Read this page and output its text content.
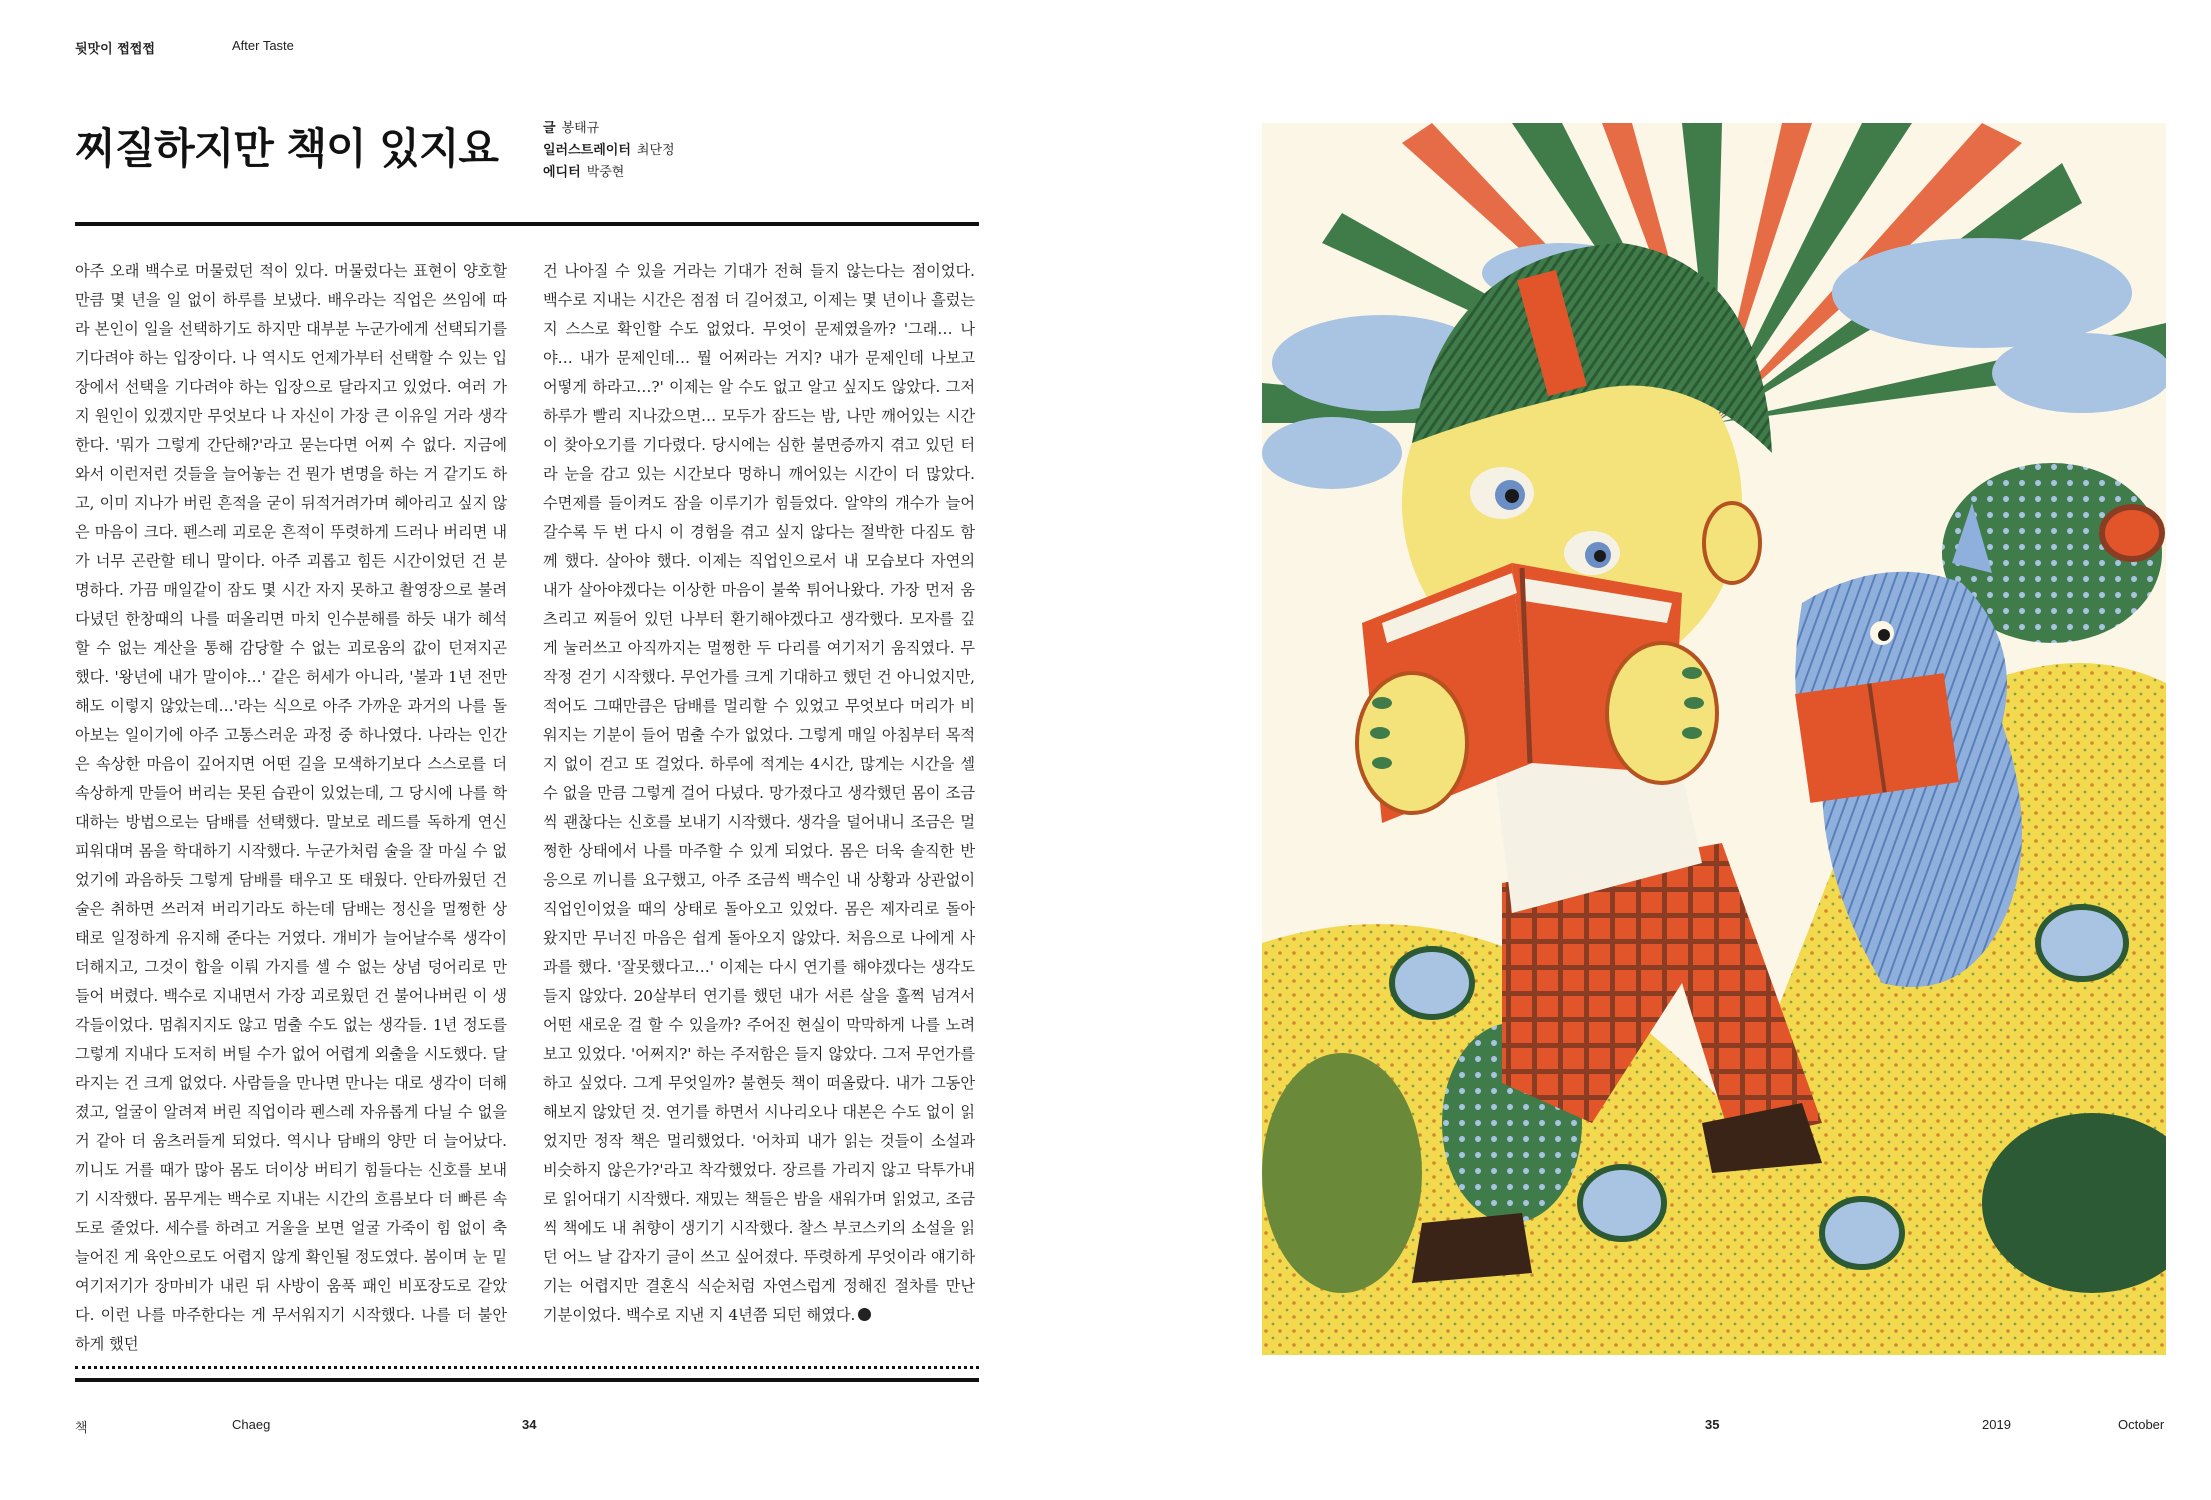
뒷맛이 쩝쩝쩝	After Taste
찌질하지만 책이 있지요	글 봉태규
일러스트레이터 최단정
에디터 박중현

아주 오래 백수로 머물렀던 적이 있다. 머물렀다는 표현이 양호할 만큼 몇 년을 일 없이 하루를 보냈다. 배우라는 직업은 쓰임에 따라 본인이 일을 선택하기도 하지만 대부분 누군가에게 선택되기를 기다려야 하는 입장이다. 나 역시도 언제가부터 선택할 수 있는 입장에서 선택을 기다려야 하는 입장으로 달라지고 있었다. 여러 가지 원인이 있겠지만 무엇보다 나 자신이 가장 큰 이유일 거라 생각한다. '뭐가 그렇게 간단해?'라고 묻는다면 어찌 수 없다. 지금에 와서 이런저런 것들을 늘어놓는 건 뭔가 변명을 하는 거 같기도 하고, 이미 지나가 버린 흔적을 굳이 뒤적거려가며 헤아리고 싶지 않은 마음이 크다. 펜스레 괴로운 흔적이 뚜렷하게 드러나 버리면 내가 너무 곤란할 테니 말이다. 아주 괴롭고 힘든 시간이었던 건 분명하다. 가끔 매일같이 잠도 몇 시간 자지 못하고 촬영장으로 불려 다녔던 한창때의 나를 떠올리면 마치 인수분해를 하듯 내가 헤석할 수 없는 계산을 통해 감당할 수 없는 괴로움의 값이 던져지곤 했다. '왕년에 내가 말이야…' 같은 허세가 아니라, '불과 1년 전만 해도 이렇지 않았는데…'라는 식으로 아주 가까운 과거의 나를 돌아보는 일이기에 아주 고통스러운 과정 중 하나였다. 나라는 인간은 속상한 마음이 깊어지면 어떤 길을 모색하기보다 스스로를 더 속상하게 만들어 버리는 못된 습관이 있었는데, 그 당시에 나를 학대하는 방법으로는 담배를 선택했다. 말보로 레드를 독하게 연신 피워대며 몸을 학대하기 시작했다. 누군가처럼 술을 잘 마실 수 없었기에 과음하듯 그렇게 담배를 태우고 또 태웠다. 안타까웠던 건 술은 취하면 쓰러져 버리기라도 하는데 담배는 정신을 멀쩡한 상태로 일정하게 유지해 준다는 거였다. 개비가 늘어날수록 생각이 더해지고, 그것이 합을 이뤄 가지를 셀 수 없는 상념 덩어리로 만들어 버렸다. 백수로 지내면서 가장 괴로웠던 건 불어나버린 이 생각들이었다. 멈춰지지도 않고 멈출 수도 없는 생각들. 1년 정도를 그렇게 지내다 도저히 버틸 수가 없어 어렵게 외출을 시도했다. 달라지는 건 크게 없었다. 사람들을 만나면 만나는 대로 생각이 더해졌고, 얼굴이 알려져 버린 직업이라 펜스레 자유롭게 다닐 수 없을 거 같아 더 움츠러들게 되었다. 역시나 담배의 양만 더 늘어났다. 끼니도 거를 때가 많아 몸도 더이상 버티기 힘들다는 신호를 보내기 시작했다. 몸무게는 백수로 지내는 시간의 흐름보다 더 빠른 속도로 줄었다. 세수를 하려고 거울을 보면 얼굴 가죽이 힘 없이 축 늘어진 게 육안으로도 어렵지 않게 확인될 정도였다. 봄이며 눈 밑 여기저기가 장마비가 내린 뒤 사방이 움푹 패인 비포장도로 같았다. 이런 나를 마주한다는 게 무서워지기 시작했다. 나를 더 불안하게 했던

건 나아질 수 있을 거라는 기대가 전혀 들지 않는다는 점이었다. 백수로 지내는 시간은 점점 더 길어졌고, 이제는 몇 년이나 흘렀는지 스스로 확인할 수도 없었다. 무엇이 문제였을까? '그래… 나야… 내가 문제인데… 뭘 어쩌라는 거지? 내가 문제인데 나보고 어떻게 하라고…?' 이제는 알 수도 없고 알고 싶지도 않았다. 그저 하루가 빨리 지나갔으면… 모두가 잠드는 밤, 나만 깨어있는 시간이 찾아오기를 기다렸다. 당시에는 심한 불면증까지 겪고 있던 터라 눈을 감고 있는 시간보다 멍하니 깨어있는 시간이 더 많았다. 수면제를 들이켜도 잠을 이루기가 힘들었다. 알약의 개수가 늘어갈수록 두 번 다시 이 경험을 겪고 싶지 않다는 절박한 다짐도 함께 했다. 살아야 했다. 이제는 직업인으로서 내 모습보다 자연의 내가 살아야겠다는 이상한 마음이 불쑥 튀어나왔다. 가장 먼저 움츠리고 찌들어 있던 나부터 환기해야겠다고 생각했다. 모자를 깊게 눌러쓰고 아직까지는 멀쩡한 두 다리를 여기저기 움직였다. 무작정 걷기 시작했다. 무언가를 크게 기대하고 했던 건 아니었지만, 적어도 그때만큼은 담배를 멀리할 수 있었고 무엇보다 머리가 비워지는 기분이 들어 멈출 수가 없었다. 그렇게 매일 아침부터 목적지 없이 걷고 또 걸었다. 하루에 적게는 4시간, 많게는 시간을 셀 수 없을 만큼 그렇게 걸어 다녔다. 망가졌다고 생각했던 몸이 조금씩 괜찮다는 신호를 보내기 시작했다. 생각을 덜어내니 조금은 멀쩡한 상태에서 나를 마주할 수 있게 되었다. 몸은 더욱 솔직한 반응으로 끼니를 요구했고, 아주 조금씩 백수인 내 상황과 상관없이 직업인이었을 때의 상태로 돌아오고 있었다. 몸은 제자리로 돌아왔지만 무너진 마음은 쉽게 돌아오지 않았다. 처음으로 나에게 사과를 했다. '잘못했다고…' 이제는 다시 연기를 해야겠다는 생각도 들지 않았다. 20살부터 연기를 했던 내가 서른 살을 훌쩍 넘겨서 어떤 새로운 걸 할 수 있을까? 주어진 현실이 막막하게 나를 노려보고 있었다. '어쩌지?' 하는 주저함은 들지 않았다. 그저 무언가를 하고 싶었다. 그게 무엇일까? 불현듯 책이 떠올랐다. 내가 그동안 해보지 않았던 것. 연기를 하면서 시나리오나 대본은 수도 없이 읽었지만 정작 책은 멀리했었다. '어차피 내가 읽는 것들이 소설과 비슷하지 않은가?'라고 착각했었다. 장르를 가리지 않고 닥투가내로 읽어대기 시작했다. 재밌는 책들은 밤을 새워가며 읽었고, 조금씩 책에도 내 취향이 생기기 시작했다. 찰스 부코스키의 소설을 읽던 어느 날 갑자기 글이 쓰고 싶어졌다. 뚜렷하게 무엇이라 얘기하기는 어렵지만 결혼식 식순처럼 자연스럽게 정해진 절차를 만난 기분이었다. 백수로 지낸 지 4년쯤 되던 해였다.

책	Chaeg	34	35	2019	October
